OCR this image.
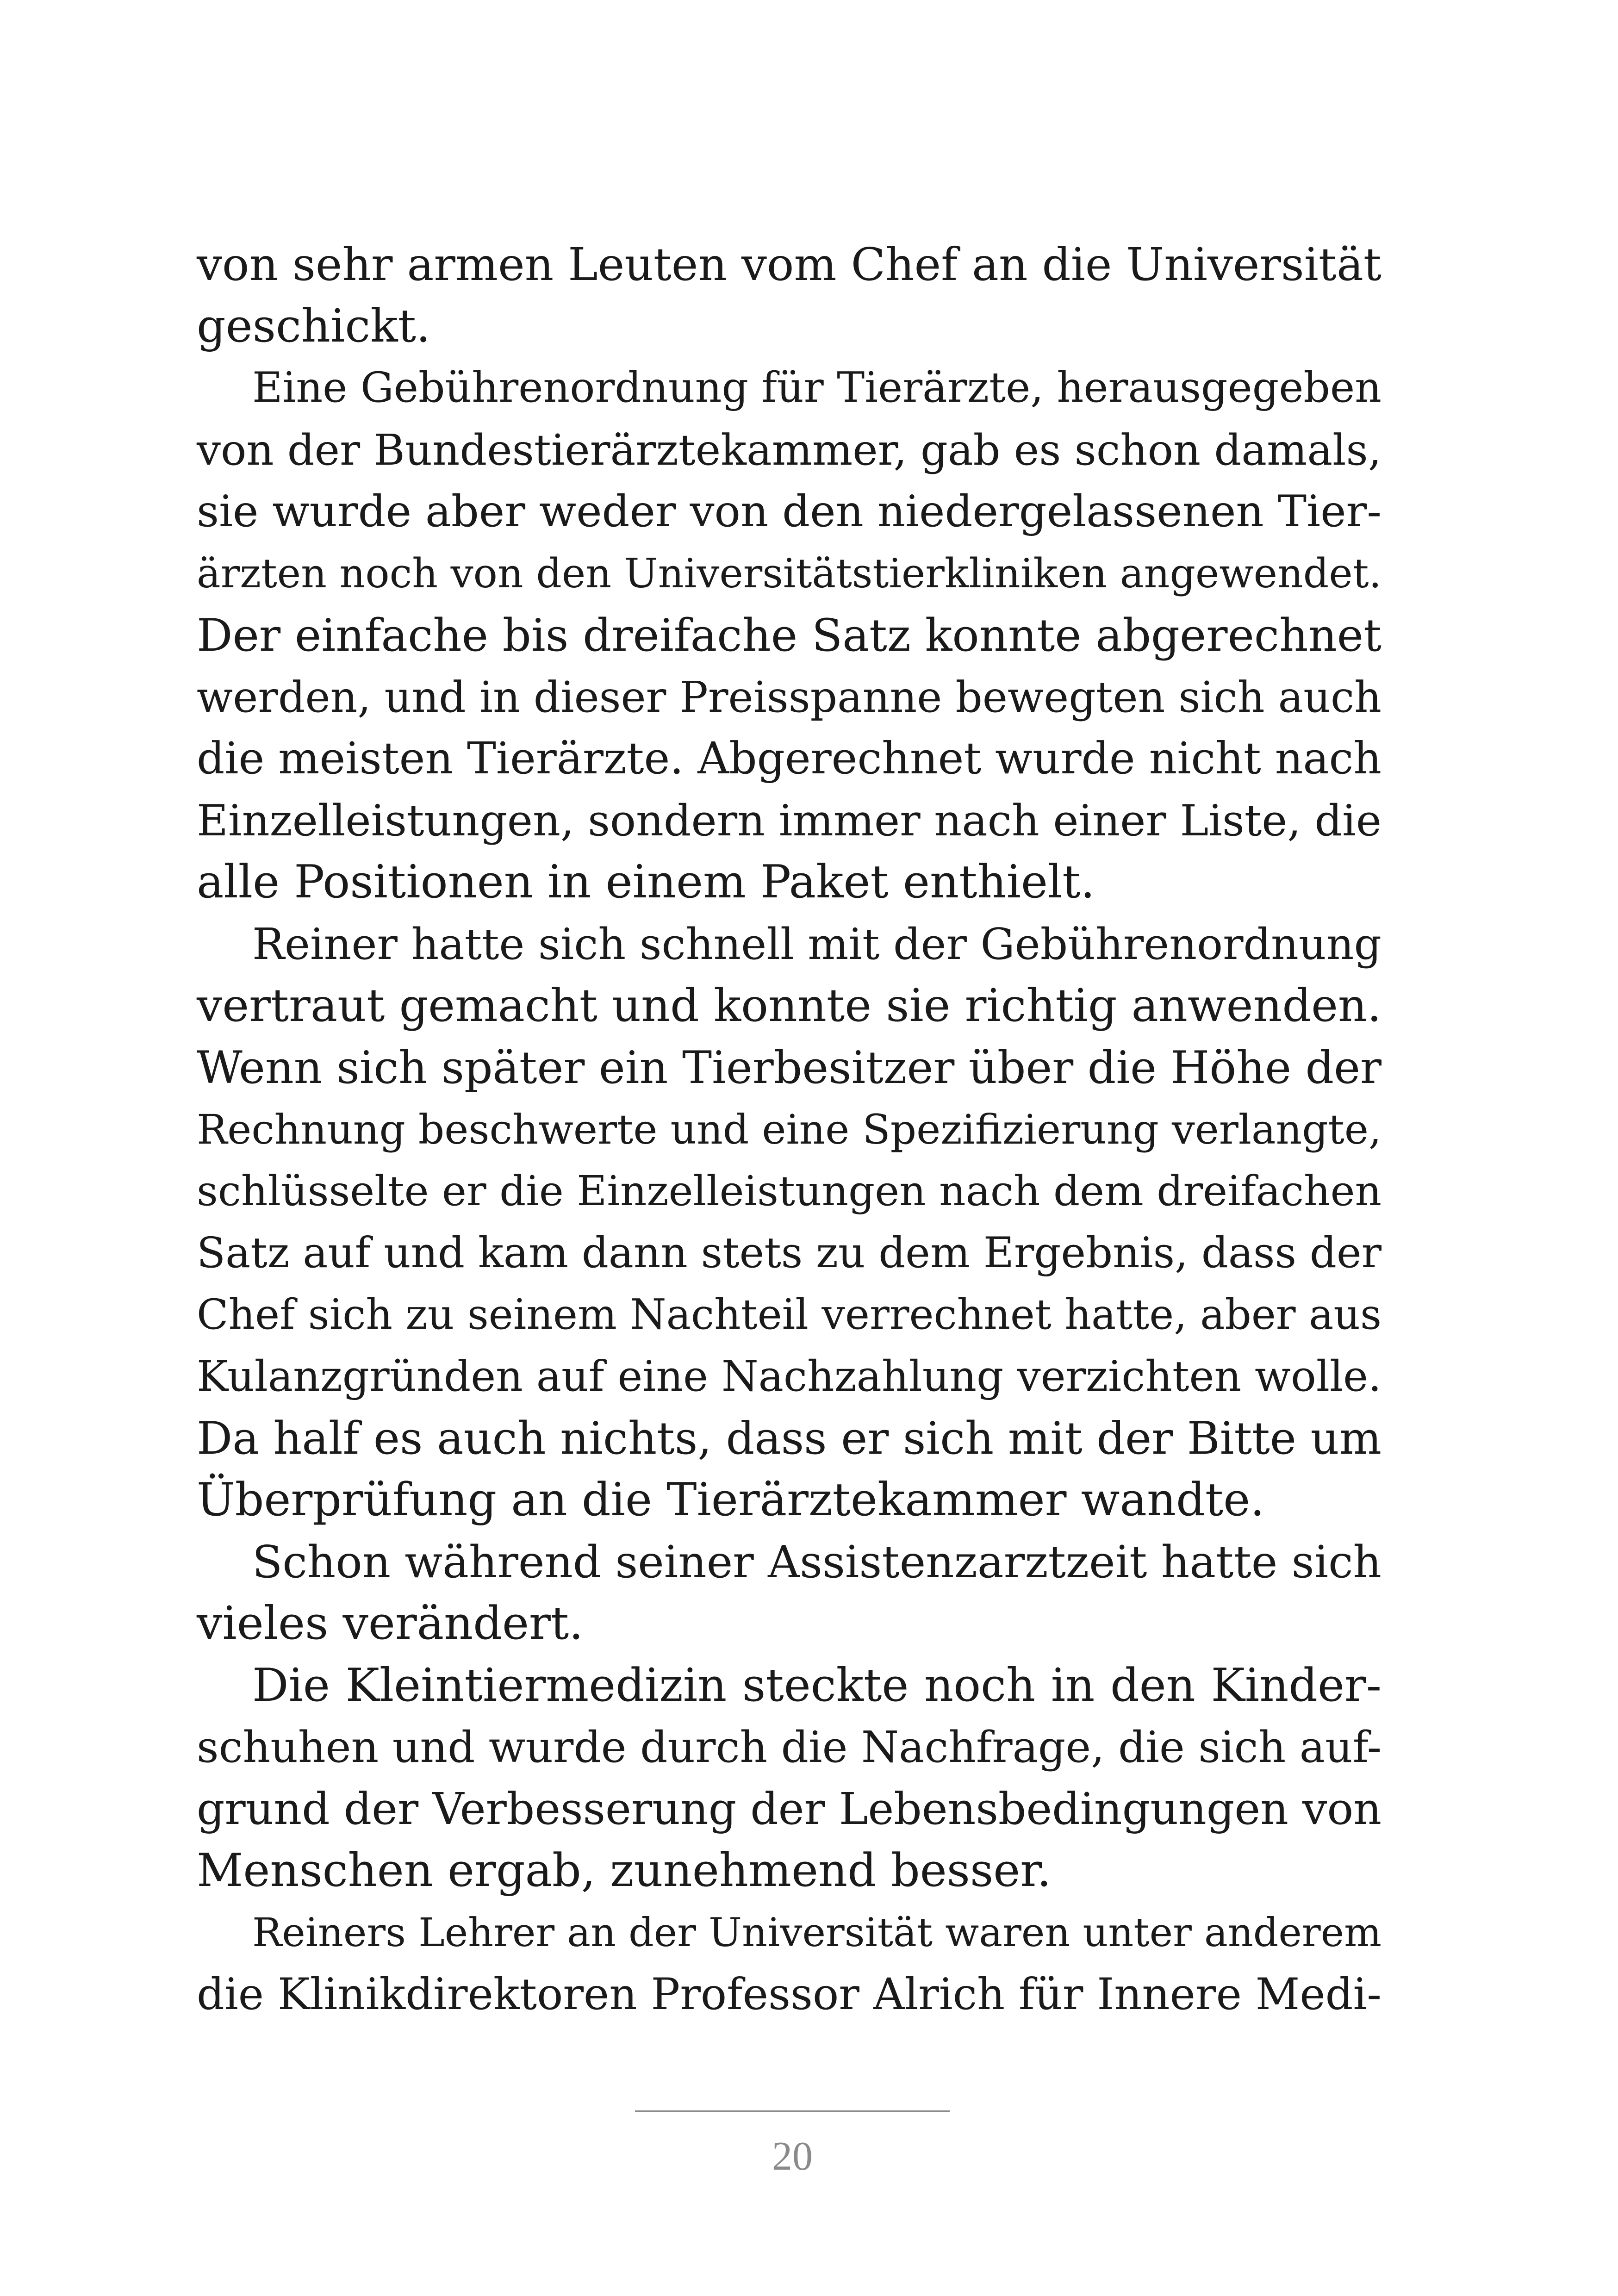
von sehr armen Leuten vom Chef an die Universität
geschickt.

Eine Gebührenordnung für Tierärzte, herausgegeben
von der Bundestierärztekammer, gab es schon damals,
sie wurde aber weder von den niedergelassenen Tier-
ärzten noch von den Universitätstierkliniken angewendet.
Der einfache bis dreifache Satz konnte abgerechnet
werden, und in dieser Preisspanne bewegten sich auch
die meisten Tierärzte. Abgerechnet wurde nicht nach
Einzelleistungen, sondern immer nach einer Liste, die
alle Positionen in einem Paket enthielt.

Reiner hatte sich schnell mit der Gebührenordnung
vertraut gemacht und konnte sie richtig anwenden.
Wenn sich später ein Tierbesitzer über die Höhe der
Rechnung beschwerte und eine Spezifizierung verlangte,
schlüsselte er die Einzelleistungen nach dem dreifachen
Satz auf und kam dann stets zu dem Ergebnis, dass der
Chef sich zu seinem Nachteil verrechnet hatte, aber aus
Kulanzgründen auf eine Nachzahlung verzichten wolle.
Da half es auch nichts, dass er sich mit der Bitte um
Überprüfung an die Tierärztekammer wandte.

Schon während seiner Assistenzarztzeit hatte sich
vieles verändert.

Die Kleintiermedizin steckte noch in den Kinder-
schuhen und wurde durch die Nachfrage, die sich auf-
grund der Verbesserung der Lebensbedingungen von
Menschen ergab, zunehmend besser.

Reiners Lehrer an der Universität waren unter anderem
die Klinikdirektoren Professor Alrich für Innere Medi-

20
